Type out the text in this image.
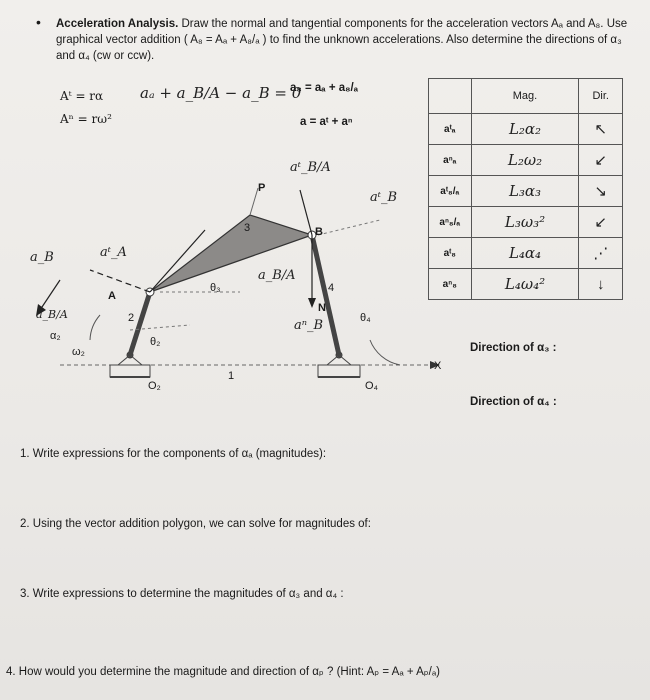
• Acceleration Analysis. Draw the normal and tangential components for the acceleration vectors Aₐ and A₈. Use graphical vector addition ( A₈ = Aₐ + A₈/ₐ ) to find the unknown accelerations. Also determine the directions of α₃ and α₄ (cw or ccw).
Aᵗ = rα
Aⁿ = rω²
aₐ + a_B/A − a_B = 0
a₈ = aₐ + a₈/ₐ
a = aᵗ + aⁿ
	Mag.	Dir.
aᵗₐ	L₂α₂	↖
aⁿₐ	L₂ω₂	↙
aᵗ₈/ₐ	L₃α₃	↘
aⁿ₈/ₐ	L₃ω₃²	↙
aᵗ₈	L₄α₄	⋰
aⁿ₈	L₄ω₄²	↓
P
B
A
N
X
2
3
4
1
θ₂
θ₃
θ₄
α₂
ω₂
O₂	O₄
aᵗ_B/A
aᵗ_B
aⁿ_B
aᵗ_A
a_B/A
a_B/A
a_B
Direction of α₃ :
Direction of α₄ :
1. Write expressions for the components of αₐ (magnitudes):
2. Using the vector addition polygon, we can solve for magnitudes of:
3. Write expressions to determine the magnitudes of α₃ and α₄ :
4. How would you determine the magnitude and direction of αₚ ? (Hint: Aₚ = Aₐ + Aₚ/ₐ)
